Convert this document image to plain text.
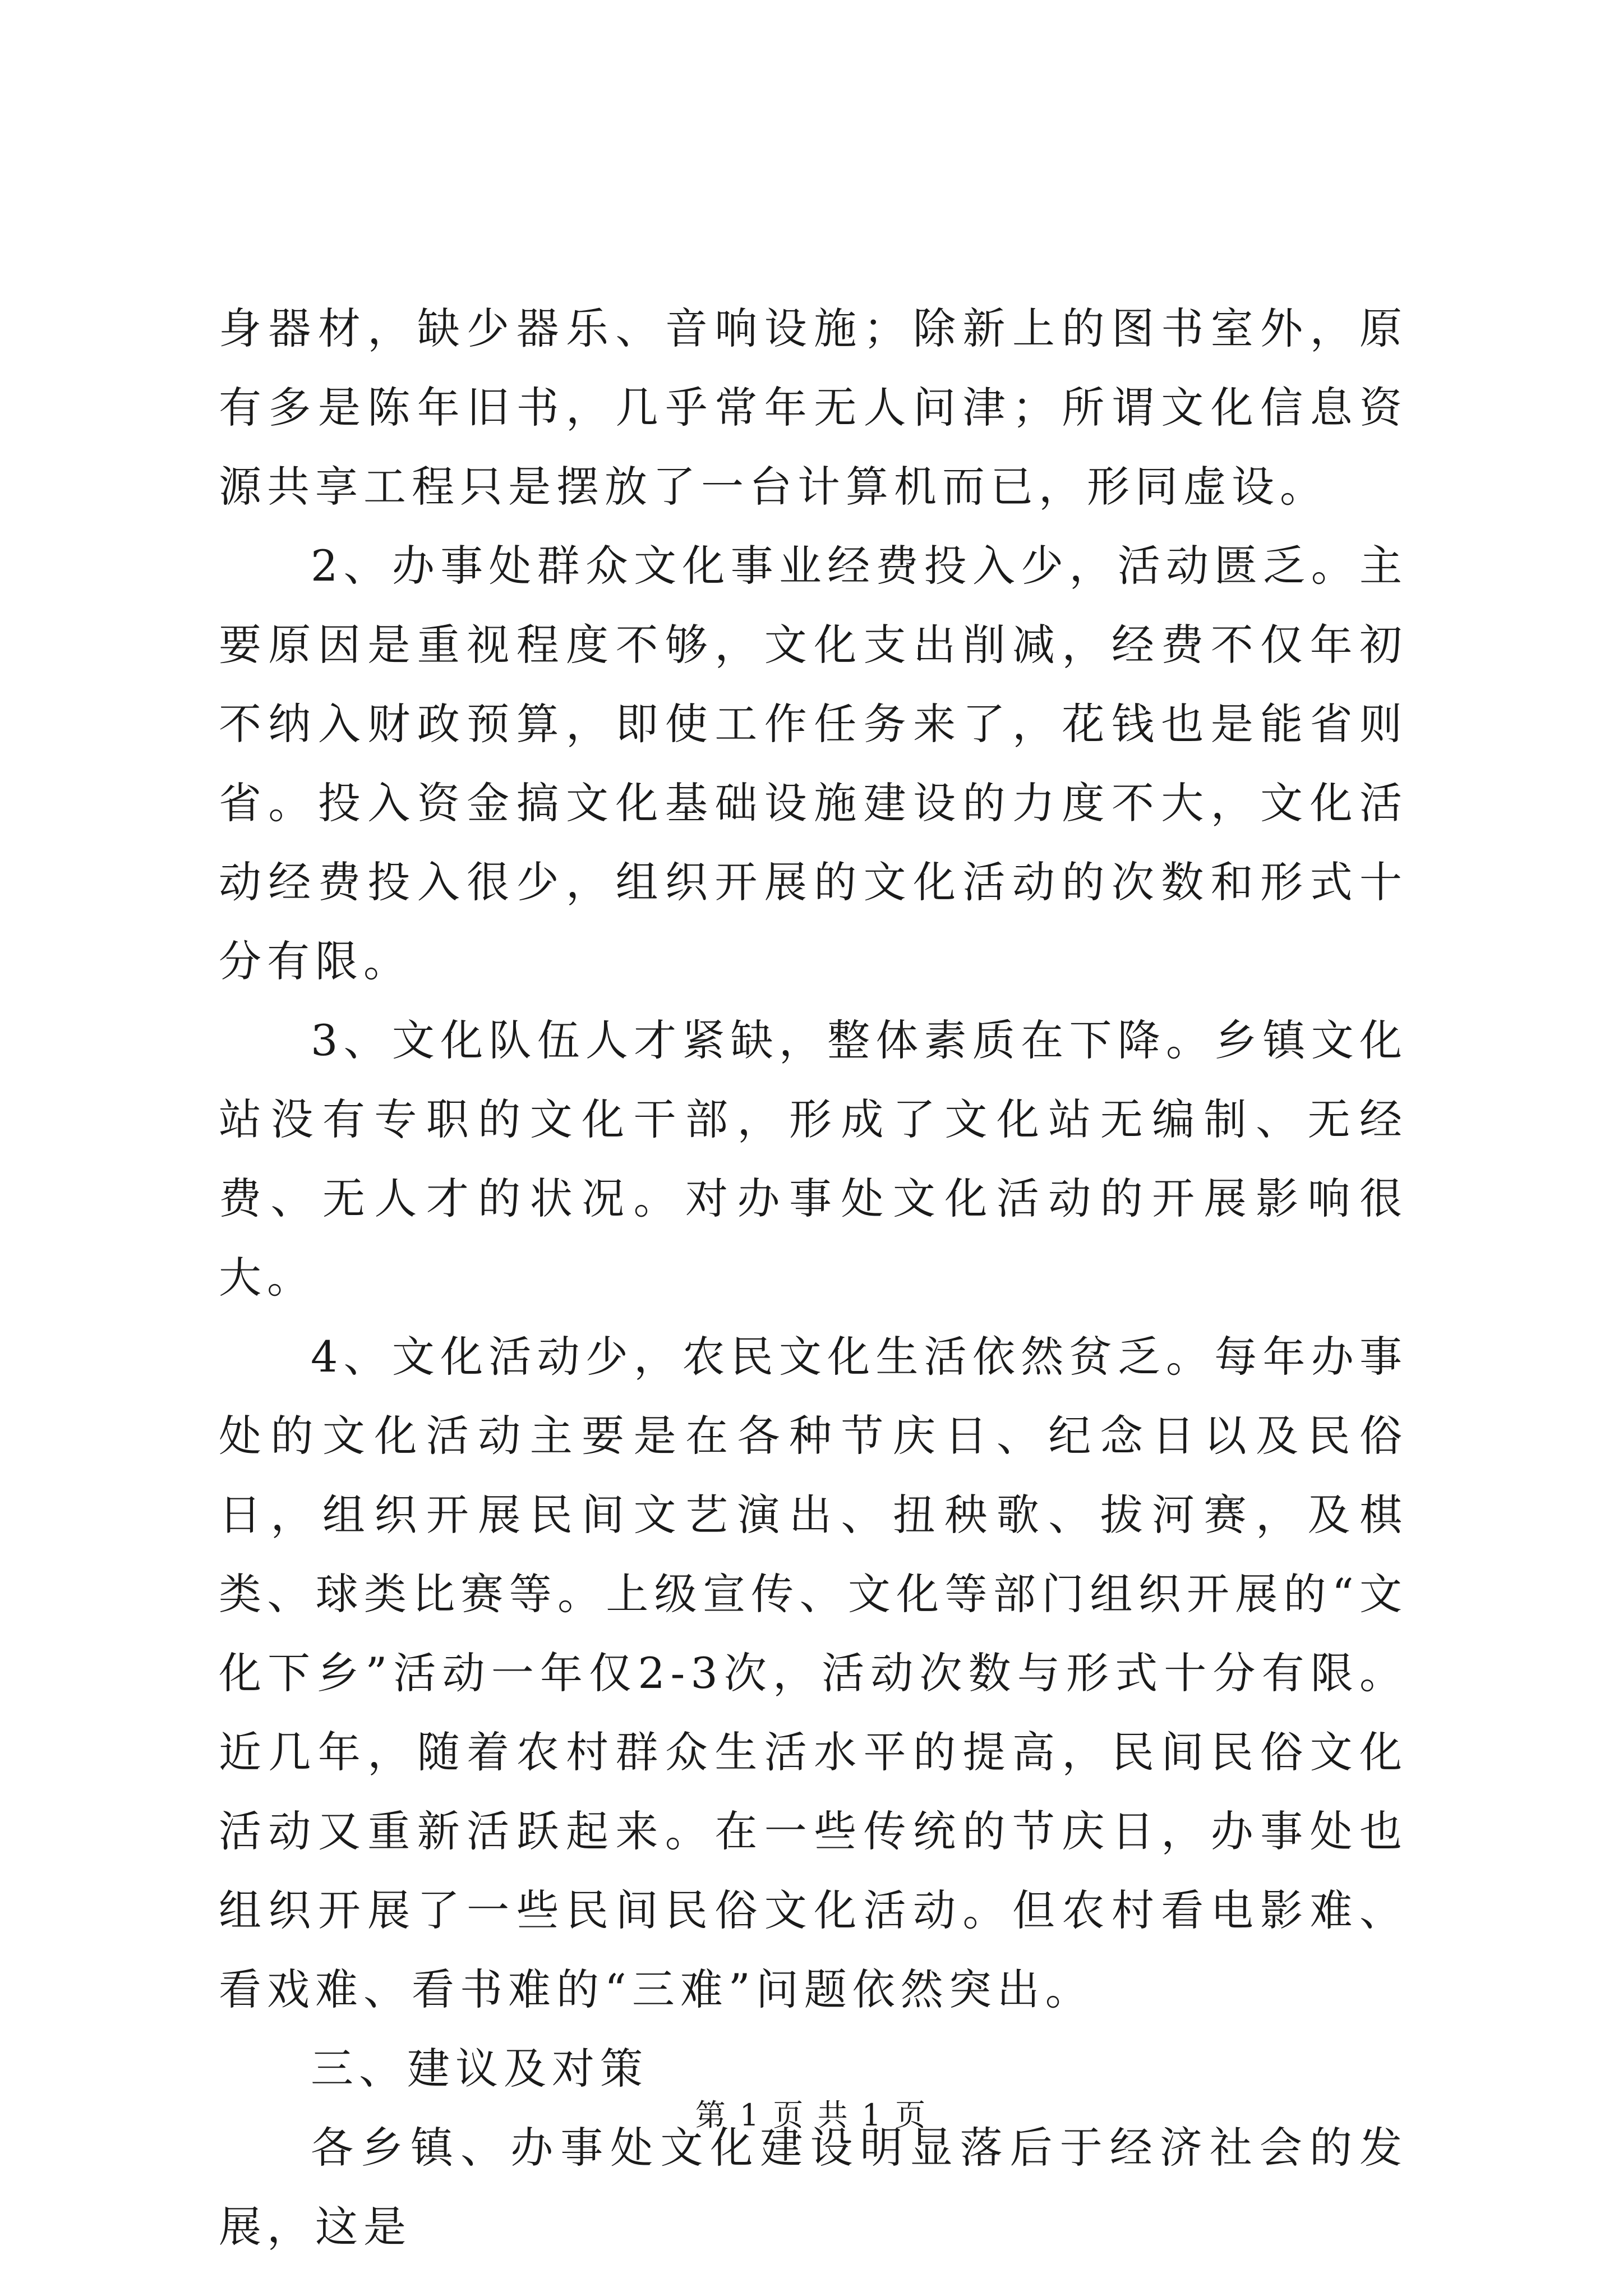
身器材，缺少器乐、音响设施；除新上的图书室外，原有多是陈年旧书，几乎常年无人问津；所谓文化信息资源共享工程只是摆放了一台计算机而已，形同虚设。

2、办事处群众文化事业经费投入少，活动匮乏。主要原因是重视程度不够，文化支出削减，经费不仅年初不纳入财政预算，即使工作任务来了，花钱也是能省则省。投入资金搞文化基础设施建设的力度不大，文化活动经费投入很少，组织开展的文化活动的次数和形式十分有限。

3、文化队伍人才紧缺，整体素质在下降。乡镇文化站没有专职的文化干部，形成了文化站无编制、无经费、无人才的状况。对办事处文化活动的开展影响很大。

4、文化活动少，农民文化生活依然贫乏。每年办事处的文化活动主要是在各种节庆日、纪念日以及民俗日，组织开展民间文艺演出、扭秧歌、拔河赛，及棋类、球类比赛等。上级宣传、文化等部门组织开展的“文化下乡”活动一年仅2-3次，活动次数与形式十分有限。近几年，随着农村群众生活水平的提高，民间民俗文化活动又重新活跃起来。在一些传统的节庆日，办事处也组织开展了一些民间民俗文化活动。但农村看电影难、看戏难、看书难的“三难”问题依然突出。

三、建议及对策

各乡镇、办事处文化建设明显落后于经济社会的发展，这是

第 1 页 共 1 页
